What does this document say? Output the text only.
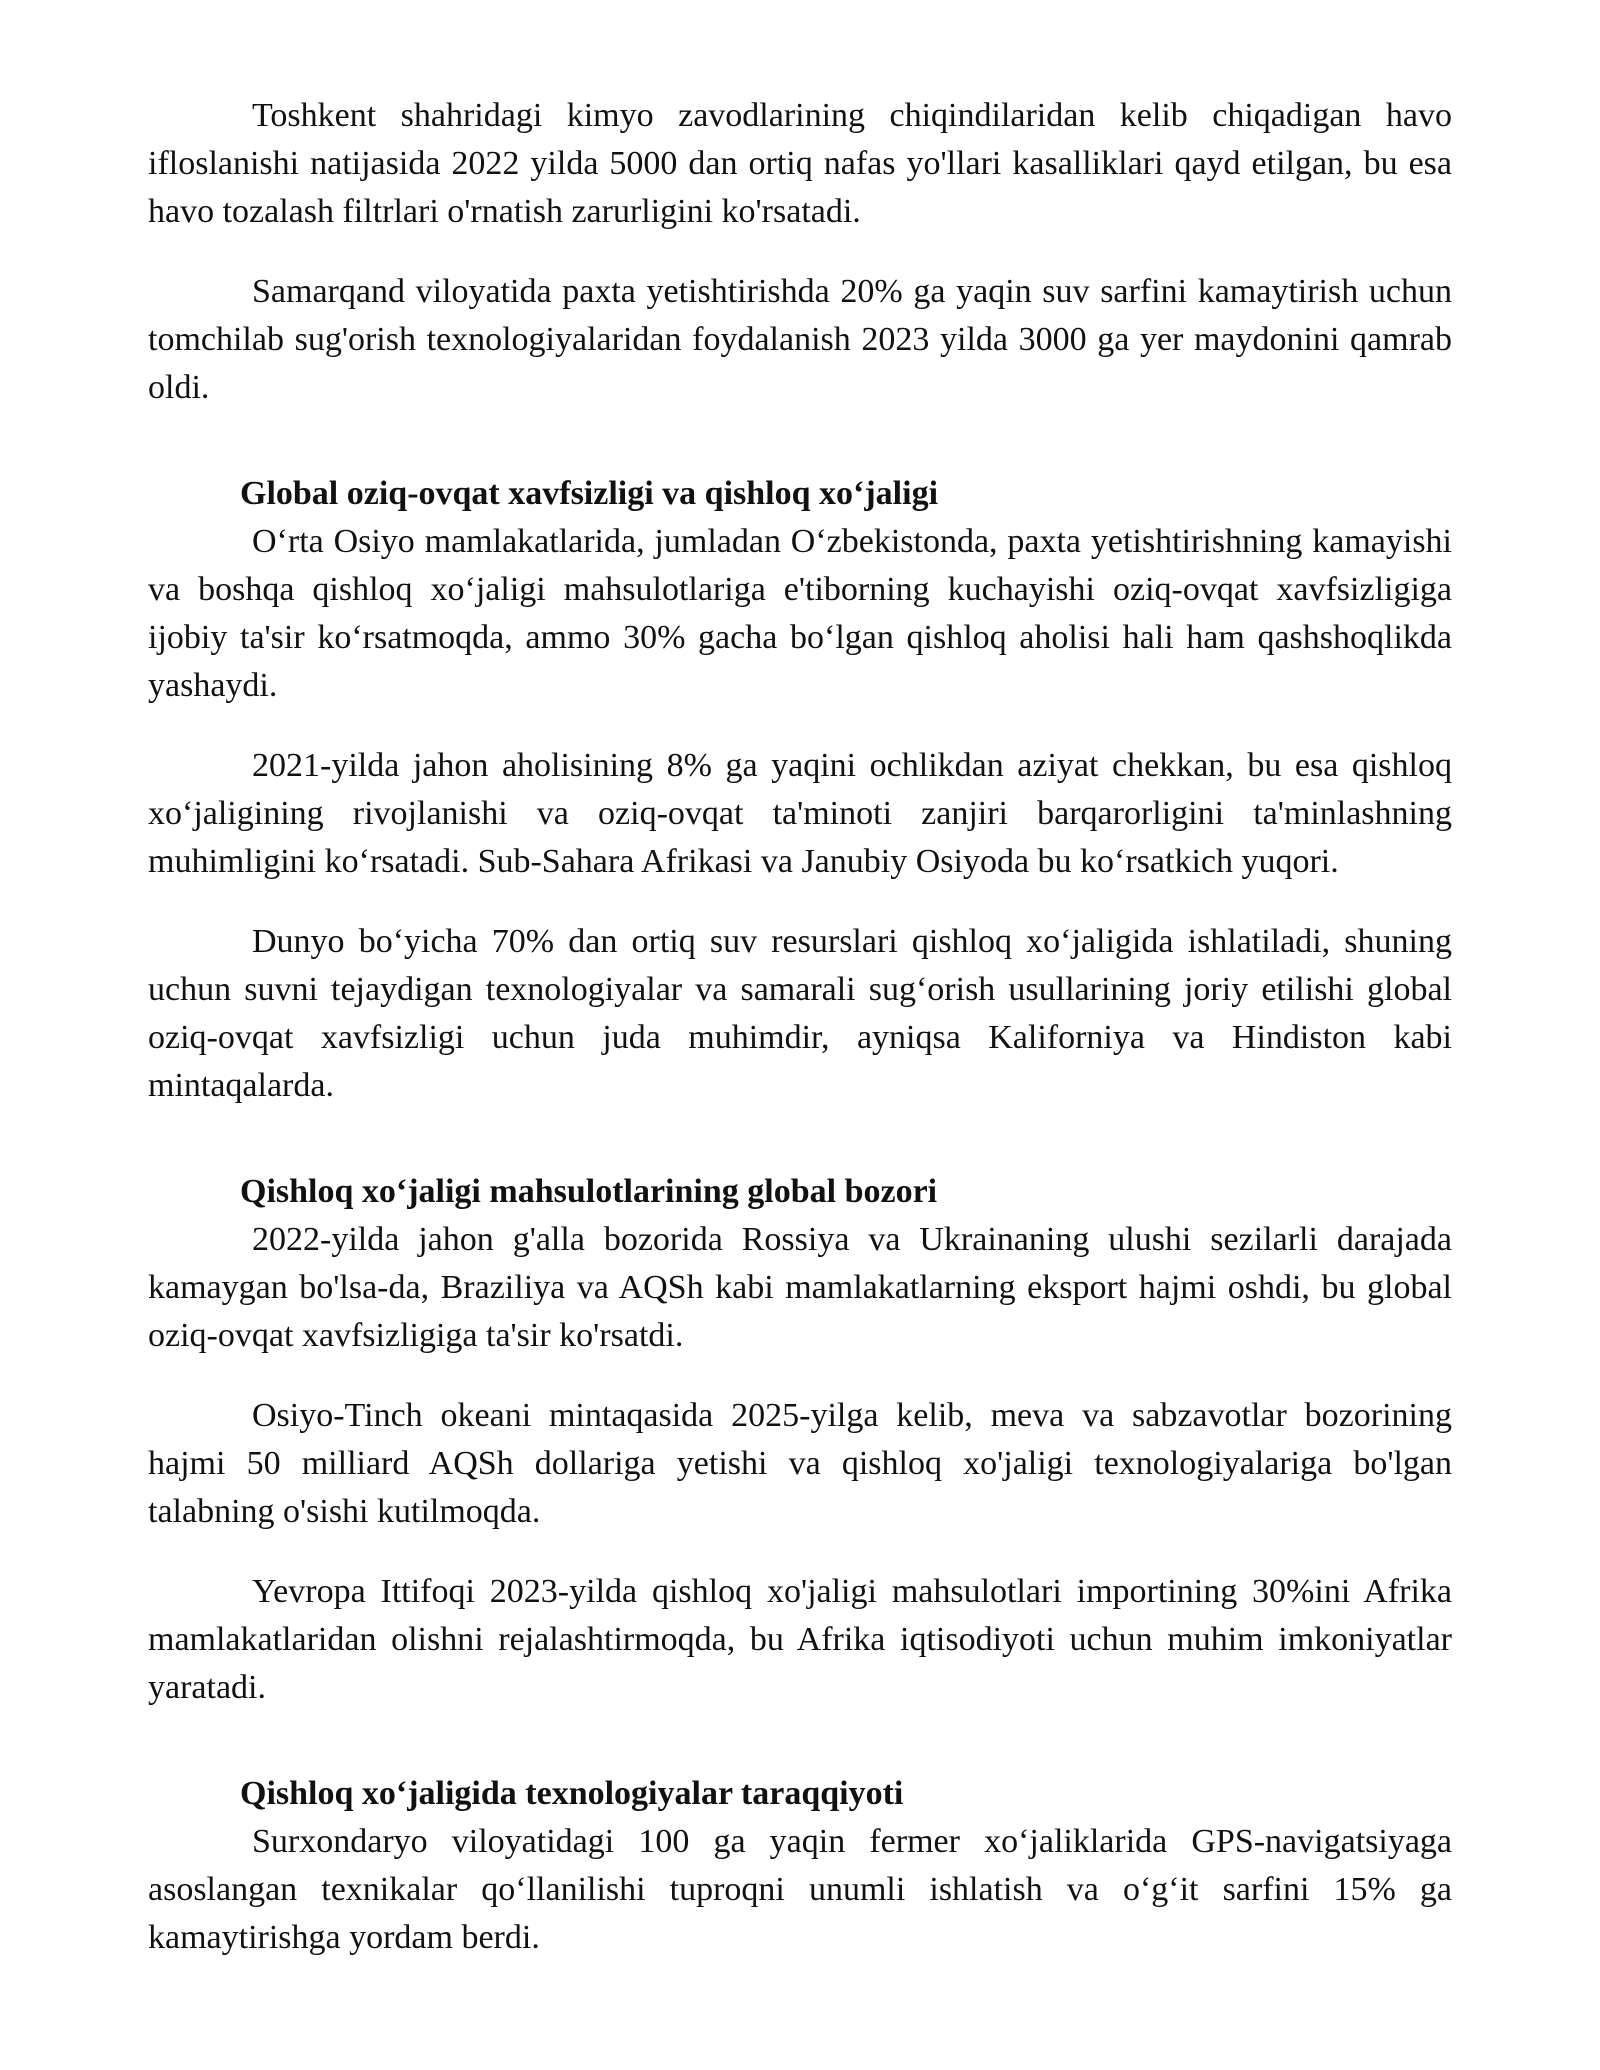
Toshkent shahridagi kimyo zavodlarining chiqindilaridan kelib chiqadigan havo ifloslanishi natijasida 2022 yilda 5000 dan ortiq nafas yo'llari kasalliklari qayd etilgan, bu esa havo tozalash filtrlari o'rnatish zarurligini ko'rsatadi.

Samarqand viloyatida paxta yetishtirishda 20% ga yaqin suv sarfini kamaytirish uchun tomchilab sug'orish texnologiyalaridan foydalanish 2023 yilda 3000 ga yer maydonini qamrab oldi.

Global oziq-ovqat xavfsizligi va qishloq xoʻjaligi

Oʻrta Osiyo mamlakatlarida, jumladan Oʻzbekistonda, paxta yetishtirishning kamayishi va boshqa qishloq xoʻjaligi mahsulotlariga e'tiborning kuchayishi oziq-ovqat xavfsizligiga ijobiy ta'sir koʻrsatmoqda, ammo 30% gacha boʻlgan qishloq aholisi hali ham qashshoqlikda yashaydi.

2021-yilda jahon aholisining 8% ga yaqini ochlikdan aziyat chekkan, bu esa qishloq xoʻjaligining rivojlanishi va oziq-ovqat ta'minoti zanjiri barqarorligini ta'minlashning muhimligini koʻrsatadi. Sub-Sahara Afrikasi va Janubiy Osiyoda bu koʻrsatkich yuqori.

Dunyo boʻyicha 70% dan ortiq suv resurslari qishloq xoʻjaligida ishlatiladi, shuning uchun suvni tejaydigan texnologiyalar va samarali sugʻorish usullarining joriy etilishi global oziq-ovqat xavfsizligi uchun juda muhimdir, ayniqsa Kaliforniya va Hindiston kabi mintaqalarda.

Qishloq xoʻjaligi mahsulotlarining global bozori

2022-yilda jahon g'alla bozorida Rossiya va Ukrainaning ulushi sezilarli darajada kamaygan bo'lsa-da, Braziliya va AQSh kabi mamlakatlarning eksport hajmi oshdi, bu global oziq-ovqat xavfsizligiga ta'sir ko'rsatdi.

Osiyo-Tinch okeani mintaqasida 2025-yilga kelib, meva va sabzavotlar bozorining hajmi 50 milliard AQSh dollariga yetishi va qishloq xo'jaligi texnologiyalariga bo'lgan talabning o'sishi kutilmoqda.

Yevropa Ittifoqi 2023-yilda qishloq xo'jaligi mahsulotlari importining 30%ini Afrika mamlakatlaridan olishni rejalashtirmoqda, bu Afrika iqtisodiyoti uchun muhim imkoniyatlar yaratadi.

Qishloq xoʻjaligida texnologiyalar taraqqiyoti

Surxondaryo viloyatidagi 100 ga yaqin fermer xoʻjaliklarida GPS-navigatsiyaga asoslangan texnikalar qoʻllanilishi tuproqni unumli ishlatish va oʻgʻit sarfini 15% ga kamaytirishga yordam berdi.
